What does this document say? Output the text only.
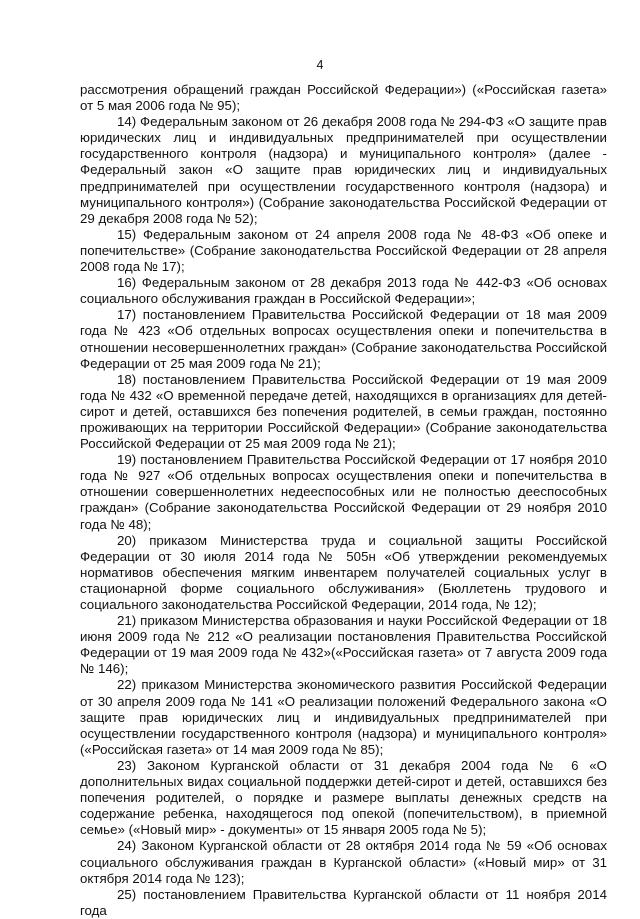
4

рассмотрения обращений граждан Российской Федерации») («Российская газета» от 5 мая 2006 года № 95);

14) Федеральным законом от 26 декабря 2008 года № 294-ФЗ «О защите прав юридических лиц и индивидуальных предпринимателей при осуществлении государственного контроля (надзора) и муниципального контроля» (далее - Федеральный закон «О защите прав юридических лиц и индивидуальных предпринимателей при осуществлении государственного контроля (надзора) и муниципального контроля») (Собрание законодательства Российской Федерации от 29 декабря 2008 года № 52);

15) Федеральным законом от 24 апреля 2008 года № 48-ФЗ «Об опеке и попечительстве» (Собрание законодательства Российской Федерации от 28 апреля 2008 года № 17);

16) Федеральным законом от 28 декабря 2013 года № 442-ФЗ «Об основах социального обслуживания граждан в Российской Федерации»;

17) постановлением Правительства Российской Федерации от 18 мая 2009 года № 423 «Об отдельных вопросах осуществления опеки и попечительства в отношении несовершеннолетних граждан» (Собрание законодательства Российской Федерации от 25 мая 2009 года № 21);

18) постановлением Правительства Российской Федерации от 19 мая 2009 года № 432 «О временной передаче детей, находящихся в организациях для детей-сирот и детей, оставшихся без попечения родителей, в семьи граждан, постоянно проживающих на территории Российской Федерации» (Собрание законодательства Российской Федерации от 25 мая 2009 года № 21);

19) постановлением Правительства Российской Федерации от 17 ноября 2010 года № 927 «Об отдельных вопросах осуществления опеки и попечительства в отношении совершеннолетних недееспособных или не полностью дееспособных граждан» (Собрание законодательства Российской Федерации от 29 ноября 2010 года № 48);

20) приказом Министерства труда и социальной защиты Российской Федерации от 30 июля 2014 года № 505н «Об утверждении рекомендуемых нормативов обеспечения мягким инвентарем получателей социальных услуг в стационарной форме социального обслуживания» (Бюллетень трудового и социального законодательства Российской Федерации, 2014 года, № 12);

21) приказом Министерства образования и науки Российской Федерации от 18 июня 2009 года № 212 «О реализации постановления Правительства Российской Федерации от 19 мая 2009 года № 432»(«Российская газета» от 7 августа 2009 года № 146);

22) приказом Министерства экономического развития Российской Федерации от 30 апреля 2009 года № 141 «О реализации положений Федерального закона «О защите прав юридических лиц и индивидуальных предпринимателей при осуществлении государственного контроля (надзора) и муниципального контроля» («Российская газета» от 14 мая 2009 года № 85);

23) Законом Курганской области от 31 декабря 2004 года № 6 «О дополнительных видах социальной поддержки детей-сирот и детей, оставшихся без попечения родителей, о порядке и размере выплаты денежных средств на содержание ребенка, находящегося под опекой (попечительством), в приемной семье» («Новый мир» - документы» от 15 января 2005 года № 5);

24) Законом Курганской области от 28 октября 2014 года № 59 «Об основах социального обслуживания граждан в Курганской области» («Новый мир» от 31 октября 2014 года № 123);

25) постановлением Правительства Курганской области от 11 ноября 2014 года
